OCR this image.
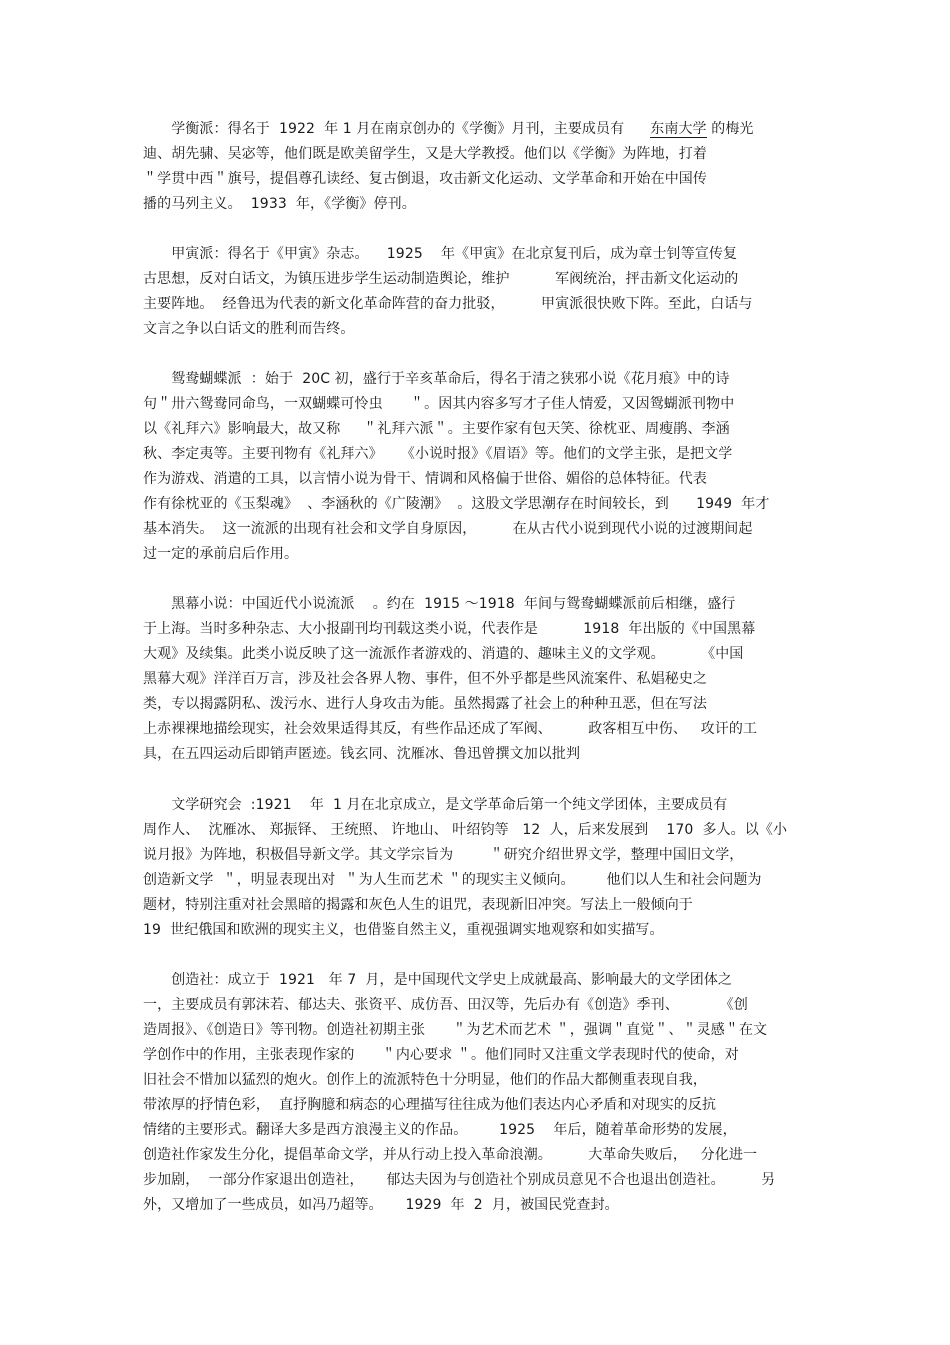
　　学衡派：得名于  1922  年 1 月在南京创办的《学衡》月刊，主要成员有 东南大学 的梅光
迪、胡先骕、吴宓等，他们既是欧美留学生，又是大学教授。他们以《学衡》为阵地，打着
＂学贯中西＂旗号，提倡尊孔读经、复古倒退，攻击新文化运动、文学革命和开始在中国传
播的马列主义。  1933  年，《学衡》停刊。
　　甲寅派：得名于《甲寅》杂志。    1925    年《甲寅》在北京复刊后，成为章士钊等宣传复
古思想，反对白话文，为镇压进步学生运动制造舆论，维护          军阀统治，抨击新文化运动的
主要阵地。  经鲁迅为代表的新文化革命阵营的奋力批驳，        甲寅派很快败下阵。至此，白话与
文言之争以白话文的胜利而告终。
　　鸳鸯蝴蝶派  ：始于  20C 初，盛行于辛亥革命后，得名于清之狭邪小说《花月痕》中的诗
句＂卅六鸳鸯同命鸟，一双蝴蝶可怜虫      ＂。因其内容多写才子佳人情爱，又因鸳蝴派刊物中
以《礼拜六》影响最大，故又称     ＂礼拜六派＂。主要作家有包天笑、徐枕亚、周瘦鹃、李涵
秋、李定夷等。主要刊物有《礼拜六》    《小说时报》《眉语》等。他们的文学主张，是把文学
作为游戏、消遣的工具，以言情小说为骨干、情调和风格偏于世俗、媚俗的总体特征。代表
作有徐枕亚的《玉梨魂》  、李涵秋的《广陵潮》  。这股文学思潮存在时间较长，到      1949  年才
基本消失。  这一流派的出现有社会和文学自身原因，        在从古代小说到现代小说的过渡期间起
过一定的承前启后作用。
　　黑幕小说：中国近代小说流派    。约在  1915 ～1918  年间与鸳鸯蝴蝶派前后相继，盛行
于上海。当时多种杂志、大小报副刊均刊载这类小说，代表作是          1918  年出版的《中国黑幕
大观》及续集。此类小说反映了这一流派作者游戏的、消遣的、趣味主义的文学观。        《中国
黑幕大观》洋洋百万言，涉及社会各界人物、事件，但不外乎都是些风流案件、私娼秘史之
类，专以揭露阴私、泼污水、进行人身攻击为能。虽然揭露了社会上的种种丑恶，但在写法
上赤裸裸地描绘现实，社会效果适得其反，有些作品还成了军阀、        政客相互中伤、   攻讦的工
具，在五四运动后即销声匿迹。钱玄同、沈雁冰、鲁迅曾撰文加以批判
　　文学研究会  :1921    年  1 月在北京成立，是文学革命后第一个纯文学团体，主要成员有
周作人、  沈雁冰、 郑振铎、 王统照、 许地山、 叶绍钧等   12  人，后来发展到    170  多人。以《小
说月报》为阵地，积极倡导新文学。其文学宗旨为        ＂研究介绍世界文学，整理中国旧文学，
创造新文学  ＂，明显表现出对  ＂为人生而艺术 ＂的现实主义倾向。       他们以人生和社会问题为
题材，特别注重对社会黑暗的揭露和灰色人生的诅咒，表现新旧冲突。写法上一般倾向于
19  世纪俄国和欧洲的现实主义，也借鉴自然主义，重视强调实地观察和如实描写。
　　创造社：成立于  1921   年 7  月，是中国现代文学史上成就最高、影响最大的文学团体之
一，主要成员有郭沫若、郁达夫、张资平、成仿吾、田汉等，先后办有《创造》季刊、         《创
造周报》、《创造日》等刊物。创造社初期主张      ＂为艺术而艺术 ＂，强调＂直觉＂、＂灵感＂在文
学创作中的作用，主张表现作家的      ＂内心要求 ＂。他们同时又注重文学表现时代的使命，对
旧社会不惜加以猛烈的炮火。创作上的流派特色十分明显，他们的作品大都侧重表现自我，
带浓厚的抒情色彩，  直抒胸臆和病态的心理描写往往成为他们表达内心矛盾和对现实的反抗
情绪的主要形式。翻译大多是西方浪漫主义的作品。       1925    年后，随着革命形势的发展，
创造社作家发生分化，提倡革命文学，并从行动上投入革命浪潮。        大革命失败后，   分化进一
步加剧，  一部分作家退出创造社，     郁达夫因为与创造社个别成员意见不合也退出创造社。        另
外，又增加了一些成员，如冯乃超等。     1929  年  2  月，被国民党查封。
